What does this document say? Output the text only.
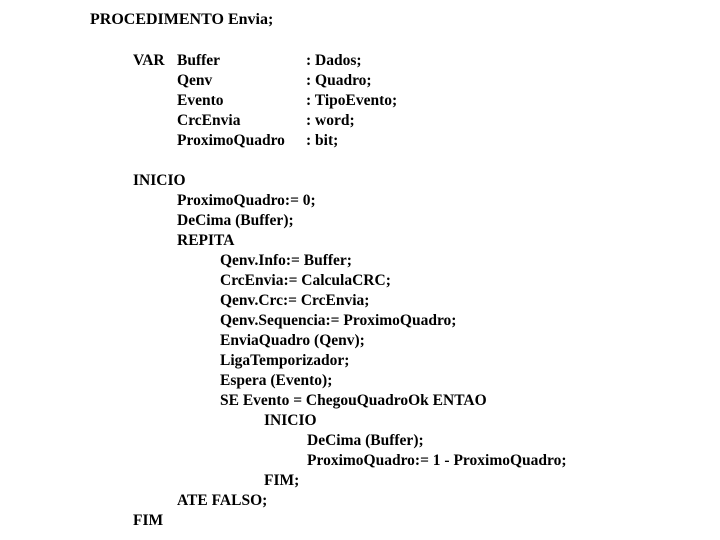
PROCEDIMENTO Envia;
VAR Buffer	: Dados;
Qenv	: Quadro;
Evento	: TipoEvento;
CrcEnvia	: word;
ProximoQuadro : bit;
INICIO
ProximoQuadro:= 0;
DeCima (Buffer);
REPITA
Qenv.Info:= Buffer;
CrcEnvia:= CalculaCRC;
Qenv.Crc:= CrcEnvia;
Qenv.Sequencia:= ProximoQuadro;
EnviaQuadro (Qenv);
LigaTemporizador;
Espera (Evento);
SE Evento = ChegouQuadroOk ENTAO
INICIO
DeCima (Buffer);
ProximoQuadro:= 1 - ProximoQuadro;
FIM;
ATE FALSO;
FIM
